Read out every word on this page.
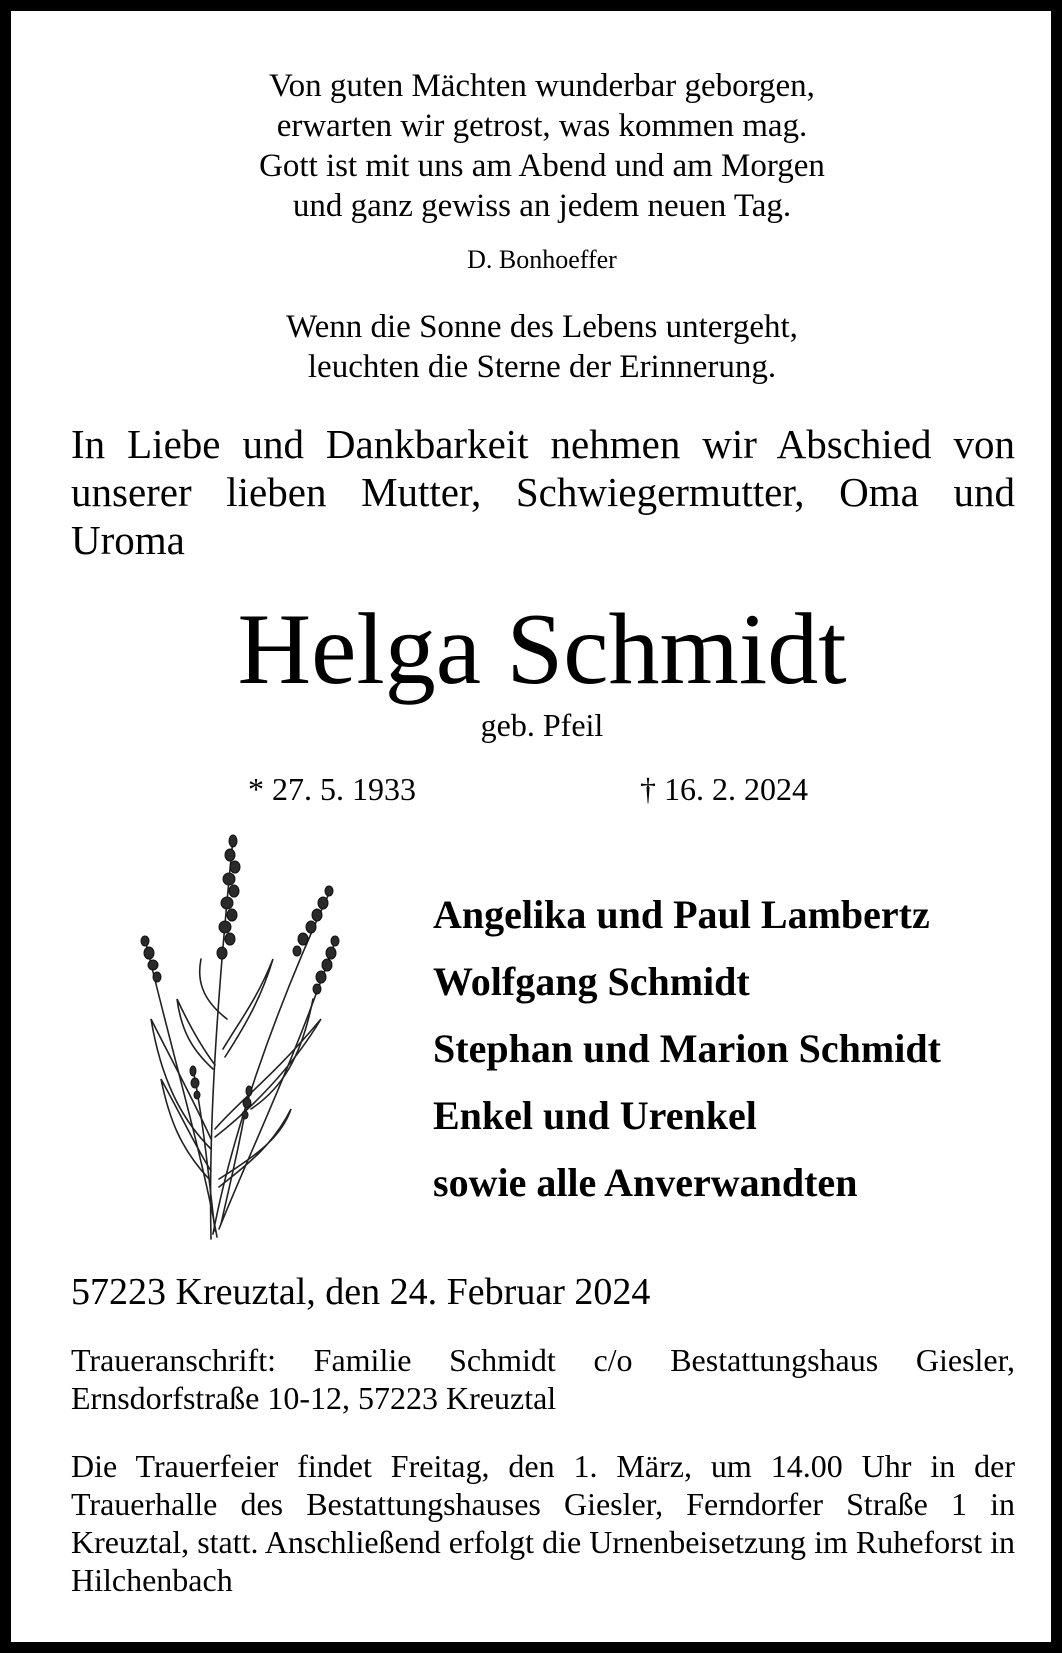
Von guten Mächten wunderbar geborgen,
erwarten wir getrost, was kommen mag.
Gott ist mit uns am Abend und am Morgen
und ganz gewiss an jedem neuen Tag.
D. Bonhoeffer
Wenn die Sonne des Lebens untergeht,
leuchten die Sterne der Erinnerung.
In Liebe und Dankbarkeit nehmen wir Abschied von unserer lieben Mutter, Schwiegermutter, Oma und Uroma
Helga Schmidt
geb. Pfeil
* 27. 5. 1933	† 16. 2. 2024
Angelika und Paul Lambertz
Wolfgang Schmidt
Stephan und Marion Schmidt
Enkel und Urenkel
sowie alle Anverwandten
57223 Kreuztal, den 24. Februar 2024
Traueranschrift: Familie Schmidt c/o Bestattungshaus Giesler, Ernsdorfstraße 10-12, 57223 Kreuztal
Die Trauerfeier findet Freitag, den 1. März, um 14.00 Uhr in der Trauerhalle des Bestattungshauses Giesler, Ferndorfer Straße 1 in Kreuztal, statt. Anschließend erfolgt die Urnenbeisetzung im Ruheforst in Hilchenbach
